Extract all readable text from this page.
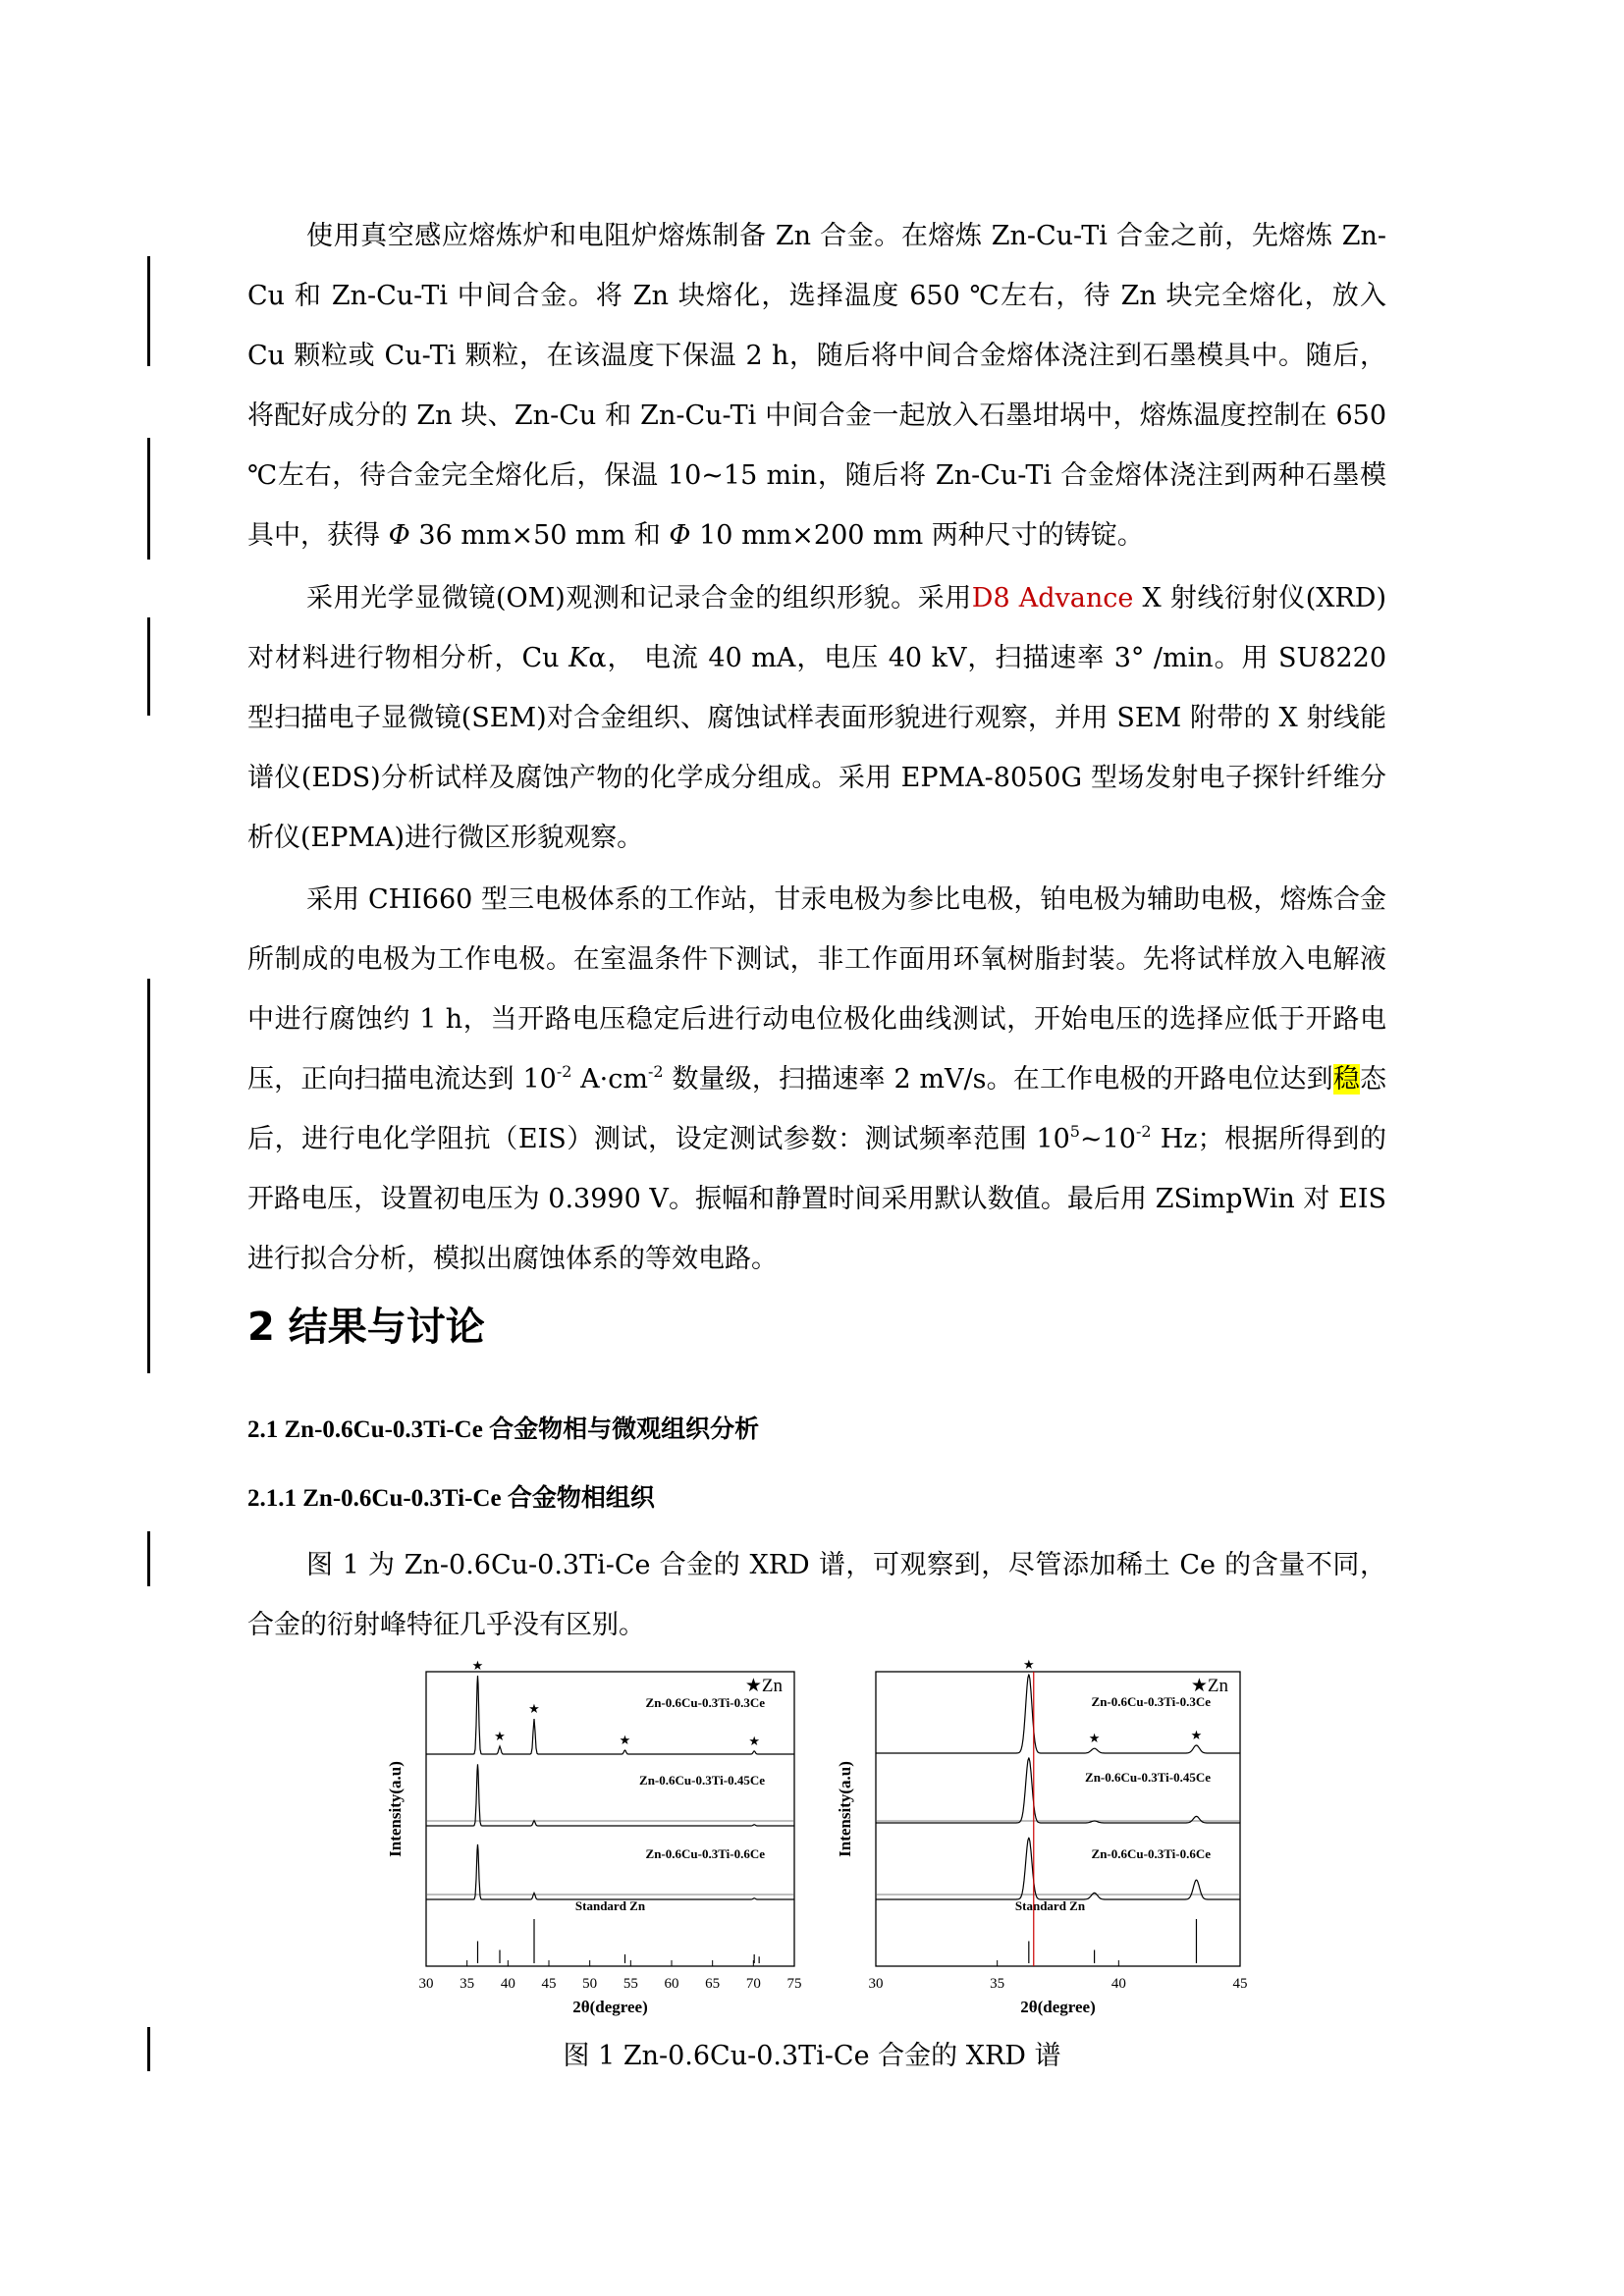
使用真空感应熔炼炉和电阻炉熔炼制备 Zn 合金。在熔炼 Zn-Cu-Ti 合金之前，先熔炼 Zn-Cu 和 Zn-Cu-Ti 中间合金。将 Zn 块熔化，选择温度 650 ℃左右，待 Zn 块完全熔化，放入 Cu 颗粒或 Cu-Ti 颗粒，在该温度下保温 2 h，随后将中间合金熔体浇注到石墨模具中。随后，将配好成分的 Zn 块、Zn-Cu 和 Zn-Cu-Ti 中间合金一起放入石墨坩埚中，熔炼温度控制在 650 ℃左右，待合金完全熔化后，保温 10~15 min，随后将 Zn-Cu-Ti 合金熔体浇注到两种石墨模具中，获得 Φ 36 mm×50 mm 和 Φ 10 mm×200 mm 两种尺寸的铸锭。

采用光学显微镜(OM)观测和记录合金的组织形貌。采用D8 Advance X 射线衍射仪(XRD)对材料进行物相分析，Cu Kα， 电流 40 mA，电压 40 kV，扫描速率 3° /min。用 SU8220 型扫描电子显微镜(SEM)对合金组织、腐蚀试样表面形貌进行观察，并用 SEM 附带的 X 射线能谱仪(EDS)分析试样及腐蚀产物的化学成分组成。采用 EPMA-8050G 型场发射电子探针纤维分析仪(EPMA)进行微区形貌观察。

采用 CHI660 型三电极体系的工作站，甘汞电极为参比电极，铂电极为辅助电极，熔炼合金所制成的电极为工作电极。在室温条件下测试，非工作面用环氧树脂封装。先将试样放入电解液中进行腐蚀约 1 h，当开路电压稳定后进行动电位极化曲线测试，开始电压的选择应低于开路电压，正向扫描电流达到 $10^{-2}$ $A\cdot cm^{-2}$ 数量级，扫描速率 2 mV/s。在工作电极的开路电位达到稳态后，进行电化学阻抗（EIS）测试，设定测试参数：测试频率范围 $10^5\sim 10^{-2}$ Hz；根据所得到的开路电压，设置初电压为 0.3990 V。振幅和静置时间采用默认数值。最后用 ZSimpWin 对 EIS 进行拟合分析，模拟出腐蚀体系的等效电路。

2 结果与讨论
2.1 Zn-0.6Cu-0.3Ti-Ce 合金物相与微观组织分析
2.1.1 Zn-0.6Cu-0.3Ti-Ce 合金物相组织

图 1 为 Zn-0.6Cu-0.3Ti-Ce 合金的 XRD 谱，可观察到，尽管添加稀土 Ce 的含量不同，合金的衍射峰特征几乎没有区别。

30 35 40 45 50 55 60 65 70 75
2θ(degree)
Intensity(a.u)
★Zn
Zn-0.6Cu-0.3Ti-0.3Ce
Zn-0.6Cu-0.3Ti-0.45Ce
Zn-0.6Cu-0.3Ti-0.6Ce
★
★
★
★	★
Standard Zn
30	35	40	45
2θ(degree)
Intensity(a.u)
★Zn
Zn-0.6Cu-0.3Ti-0.3Ce
Zn-0.6Cu-0.3Ti-0.45Ce
Zn-0.6Cu-0.3Ti-0.6Ce
★
★	★
Standard Zn
图 1 Zn-0.6Cu-0.3Ti-Ce 合金的 XRD 谱
